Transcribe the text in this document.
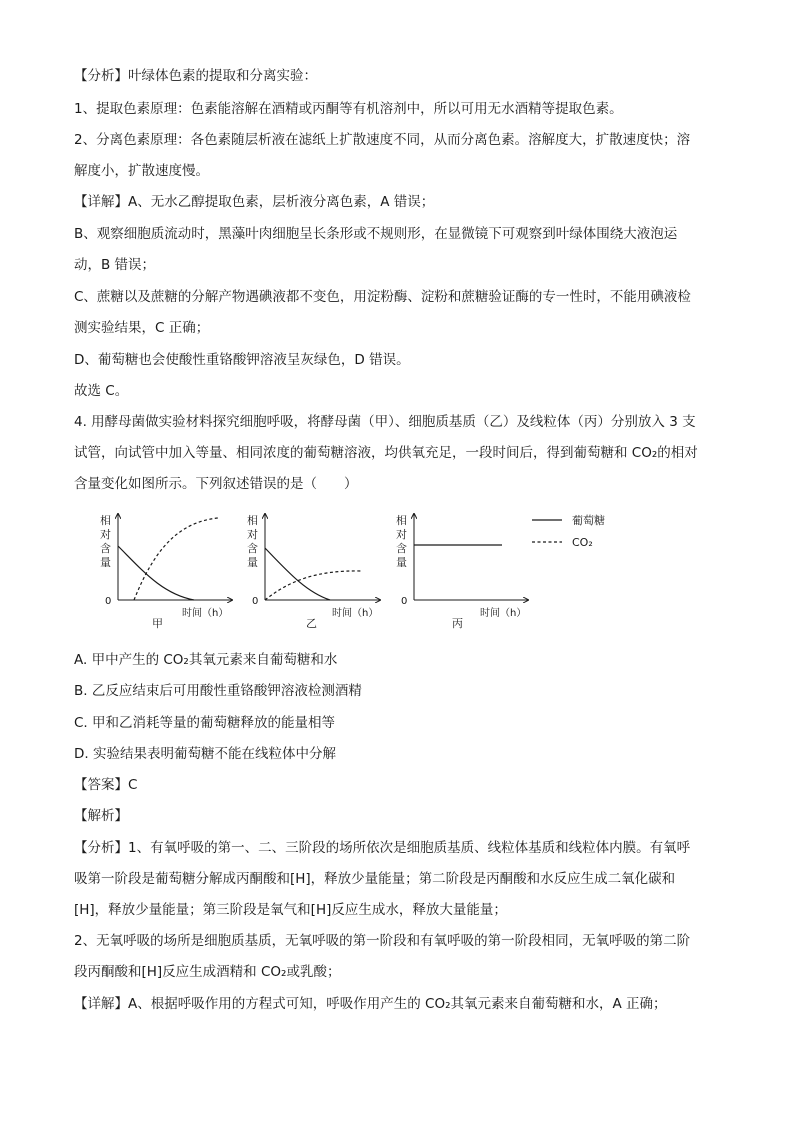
【分析】叶绿体色素的提取和分离实验：
1、提取色素原理：色素能溶解在酒精或丙酮等有机溶剂中，所以可用无水酒精等提取色素。
2、分离色素原理：各色素随层析液在滤纸上扩散速度不同，从而分离色素。溶解度大，扩散速度快；溶
解度小，扩散速度慢。
【详解】A、无水乙醇提取色素，层析液分离色素，A 错误；
B、观察细胞质流动时，黑藻叶肉细胞呈长条形或不规则形，在显微镜下可观察到叶绿体围绕大液泡运
动，B 错误；
C、蔗糖以及蔗糖的分解产物遇碘液都不变色，用淀粉酶、淀粉和蔗糖验证酶的专一性时，不能用碘液检
测实验结果，C 正确；
D、葡萄糖也会使酸性重铬酸钾溶液呈灰绿色，D 错误。
故选 C。
4. 用酵母菌做实验材料探究细胞呼吸，将酵母菌（甲）、细胞质基质（乙）及线粒体（丙）分别放入 3 支
试管，向试管中加入等量、相同浓度的葡萄糖溶液，均供氧充足，一段时间后，得到葡萄糖和 CO₂的相对
含量变化如图所示。下列叙述错误的是（　　）
相
对
含
量
0
时间（h）
甲
相
对
含
量
0
时间（h）
乙
相
对
含
量
0
时间（h）
丙
葡萄糖
CO₂
A. 甲中产生的 CO₂其氧元素来自葡萄糖和水
B. 乙反应结束后可用酸性重铬酸钾溶液检测酒精
C. 甲和乙消耗等量的葡萄糖释放的能量相等
D. 实验结果表明葡萄糖不能在线粒体中分解
【答案】C
【解析】
【分析】1、有氧呼吸的第一、二、三阶段的场所依次是细胞质基质、线粒体基质和线粒体内膜。有氧呼
吸第一阶段是葡萄糖分解成丙酮酸和[H]，释放少量能量；第二阶段是丙酮酸和水反应生成二氧化碳和
[H]，释放少量能量；第三阶段是氧气和[H]反应生成水，释放大量能量；
2、无氧呼吸的场所是细胞质基质，无氧呼吸的第一阶段和有氧呼吸的第一阶段相同，无氧呼吸的第二阶
段丙酮酸和[H]反应生成酒精和 CO₂或乳酸；
【详解】A、根据呼吸作用的方程式可知，呼吸作用产生的 CO₂其氧元素来自葡萄糖和水，A 正确；
